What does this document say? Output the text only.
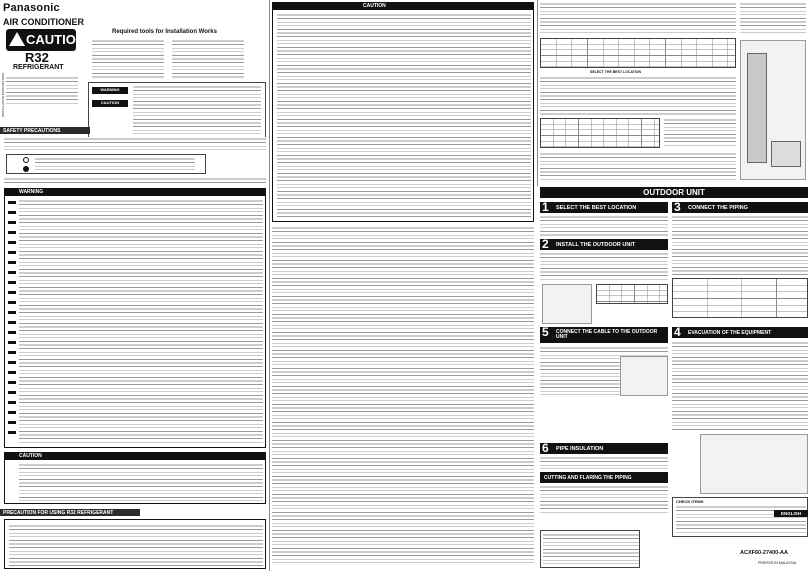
Panasonic
AIR CONDITIONER
INSTALLATION INSTRUCTIONS
CAUTION
R32
REFRIGERANT
Required tools for Installation Works
WARNING
CAUTION
SAFETY PRECAUTIONS
WARNING
CAUTION
PRECAUTION FOR USING R32 REFRIGERANT
CAUTION
SELECT THE BEST LOCATION
OUTDOOR UNIT
1 SELECT THE BEST LOCATION
2 INSTALL THE OUTDOOR UNIT
5 CONNECT THE CABLE TO THE OUTDOOR UNIT
6 PIPE INSULATION
CUTTING AND FLARING THE PIPING
3 CONNECT THE PIPING
4 EVACUATION OF THE EQUIPMENT
CHECK ITEMS
ENGLISH
ACXF60-27400-AA
PRINTED IN MALAYSIA
